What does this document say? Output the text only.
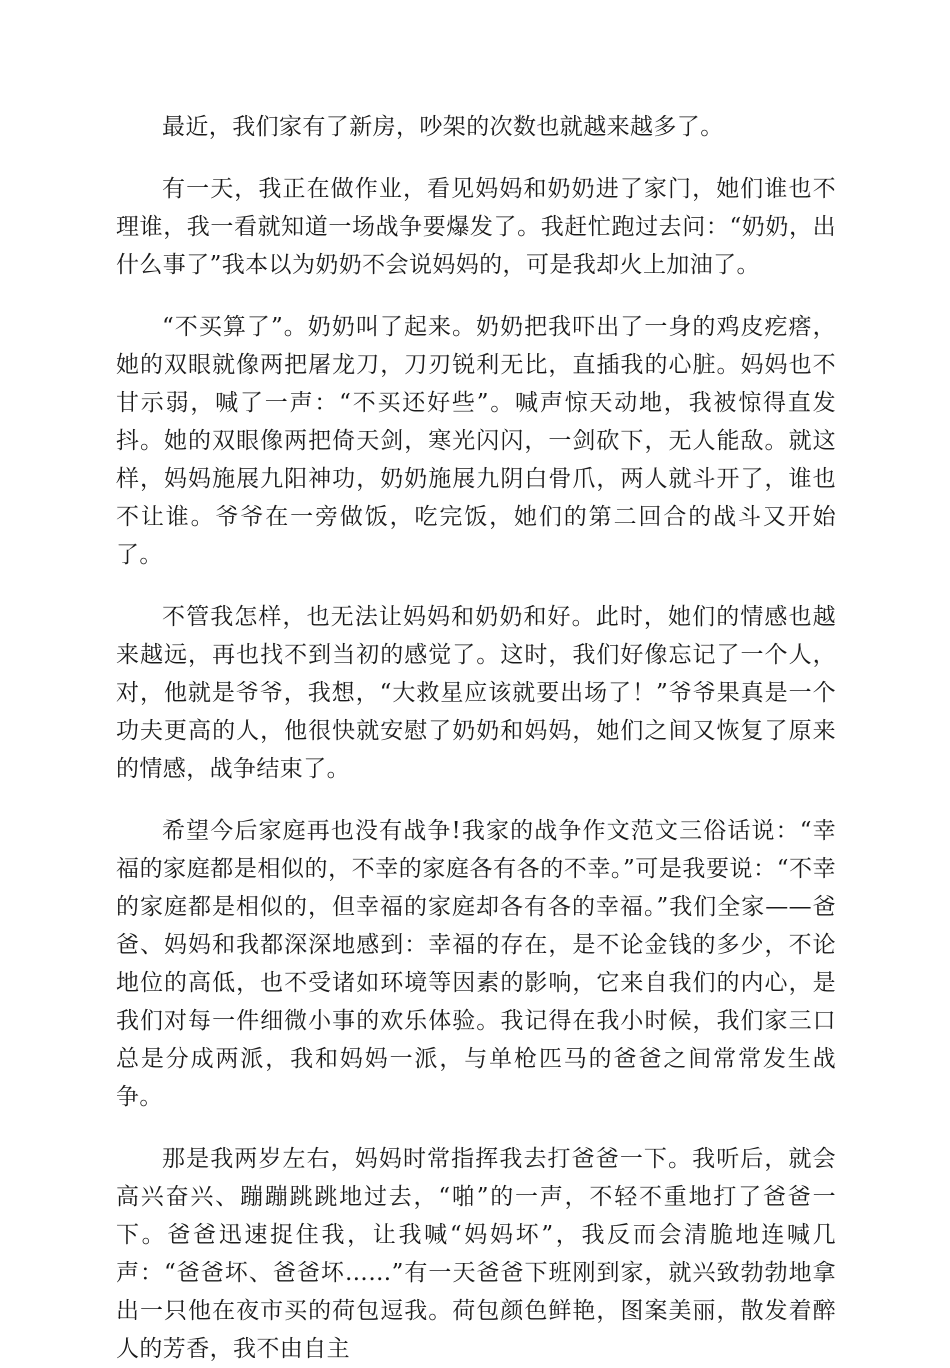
最近，我们家有了新房，吵架的次数也就越来越多了。

有一天，我正在做作业，看见妈妈和奶奶进了家门，她们谁也不理谁，我一看就知道一场战争要爆发了。我赶忙跑过去问：“奶奶，出什么事了”我本以为奶奶不会说妈妈的，可是我却火上加油了。

“不买算了”。奶奶叫了起来。奶奶把我吓出了一身的鸡皮疙瘩，她的双眼就像两把屠龙刀，刀刃锐利无比，直插我的心脏。妈妈也不甘示弱，喊了一声：“不买还好些”。喊声惊天动地，我被惊得直发抖。她的双眼像两把倚天剑，寒光闪闪，一剑砍下，无人能敌。就这样，妈妈施展九阳神功，奶奶施展九阴白骨爪，两人就斗开了，谁也不让谁。爷爷在一旁做饭，吃完饭，她们的第二回合的战斗又开始了。

不管我怎样，也无法让妈妈和奶奶和好。此时，她们的情感也越来越远，再也找不到当初的感觉了。这时，我们好像忘记了一个人，对，他就是爷爷，我想，“大救星应该就要出场了！”爷爷果真是一个功夫更高的人，他很快就安慰了奶奶和妈妈，她们之间又恢复了原来的情感，战争结束了。

希望今后家庭再也没有战争!我家的战争作文范文三俗话说：“幸福的家庭都是相似的，不幸的家庭各有各的不幸。”可是我要说：“不幸的家庭都是相似的，但幸福的家庭却各有各的幸福。”我们全家——爸爸、妈妈和我都深深地感到：幸福的存在，是不论金钱的多少，不论地位的高低，也不受诸如环境等因素的影响，它来自我们的内心，是我们对每一件细微小事的欢乐体验。我记得在我小时候，我们家三口总是分成两派，我和妈妈一派，与单枪匹马的爸爸之间常常发生战争。

那是我两岁左右，妈妈时常指挥我去打爸爸一下。我听后，就会高兴奋兴、蹦蹦跳跳地过去，“啪”的一声，不轻不重地打了爸爸一下。爸爸迅速捉住我，让我喊“妈妈坏”，我反而会清脆地连喊几声：“爸爸坏、爸爸坏……”有一天爸爸下班刚到家，就兴致勃勃地拿出一只他在夜市买的荷包逗我。荷包颜色鲜艳，图案美丽，散发着醉人的芳香，我不由自主
